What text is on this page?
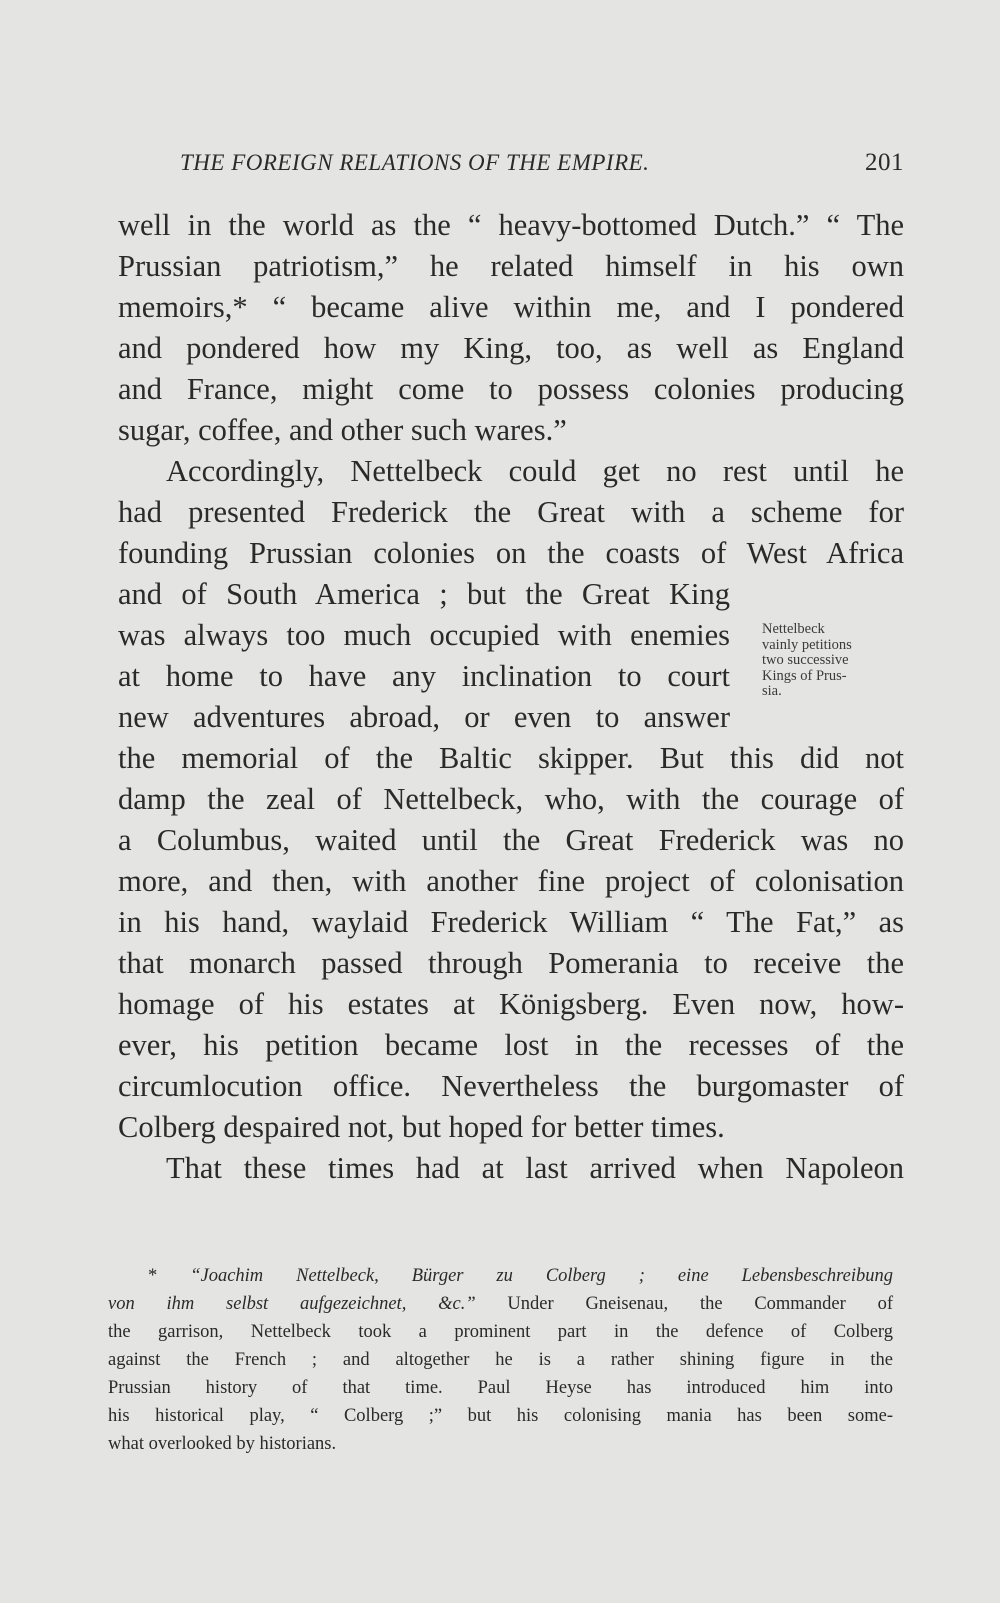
THE FOREIGN RELATIONS OF THE EMPIRE.	201
well in the world as the “ heavy-bottomed Dutch.” “ The
Prussian patriotism,” he related himself in his own
memoirs,* “ became alive within me, and I pondered
and pondered how my King, too, as well as England
and France, might come to possess colonies producing
sugar, coffee, and other such wares.”
Accordingly, Nettelbeck could get no rest until he
had presented Frederick the Great with a scheme for
founding Prussian colonies on the coasts of West Africa
and of South America ; but the Great King
was always too much occupied with enemies
at home to have any inclination to court
new adventures abroad, or even to answer
the memorial of the Baltic skipper. But this did not
damp the zeal of Nettelbeck, who, with the courage of
a Columbus, waited until the Great Frederick was no
more, and then, with another fine project of colonisation
in his hand, waylaid Frederick William “ The Fat,” as
that monarch passed through Pomerania to receive the
homage of his estates at Königsberg. Even now, how-
ever, his petition became lost in the recesses of the
circumlocution office. Nevertheless the burgomaster of
Colberg despaired not, but hoped for better times.
That these times had at last arrived when Napoleon
Nettelbeck
vainly petitions
two successive
Kings of Prus-
sia.
* “Joachim Nettelbeck, Bürger zu Colberg ; eine Lebensbeschreibung
von ihm selbst aufgezeichnet, &c.” Under Gneisenau, the Commander of
the garrison, Nettelbeck took a prominent part in the defence of Colberg
against the French ; and altogether he is a rather shining figure in the
Prussian history of that time. Paul Heyse has introduced him into
his historical play, “ Colberg ;” but his colonising mania has been some-
what overlooked by historians.
